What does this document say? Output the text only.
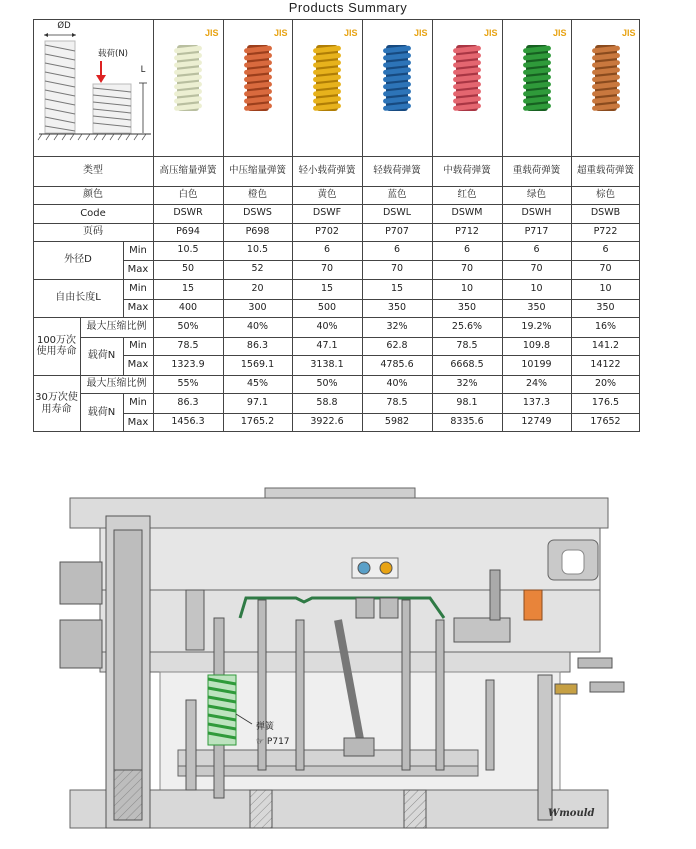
Products Summary
ØD
载荷(N)
L
类型
颜色
Code
页码
外径D
自由长度L
100万次使用寿命
30万次使用寿命
最大压缩比例
载荷N
最大压缩比例
载荷N
Min
Max
Min
Max
Min
Max
Min
Max
JIS
高压缩量弹簧
白色
DSWR
P694
10.5
50
15
400
50%
78.5
1323.9
55%
86.3
1456.3
JIS
中压缩量弹簧
橙色
DSWS
P698
10.5
52
20
300
40%
86.3
1569.1
45%
97.1
1765.2
JIS
轻小载荷弹簧
黄色
DSWF
P702
6
70
15
500
40%
47.1
3138.1
50%
58.8
3922.6
JIS
轻载荷弹簧
蓝色
DSWL
P707
6
70
15
350
32%
62.8
4785.6
40%
78.5
5982
JIS
中载荷弹簧
红色
DSWM
P712
6
70
10
350
25.6%
78.5
6668.5
32%
98.1
8335.6
JIS
重载荷弹簧
绿色
DSWH
P717
6
70
10
350
19.2%
109.8
10199
24%
137.3
12749
JIS
超重载荷弹簧
棕色
DSWB
P722
6
70
10
350
16%
141.2
14122
20%
176.5
17652
弹簧
☞ P717
Wmould
